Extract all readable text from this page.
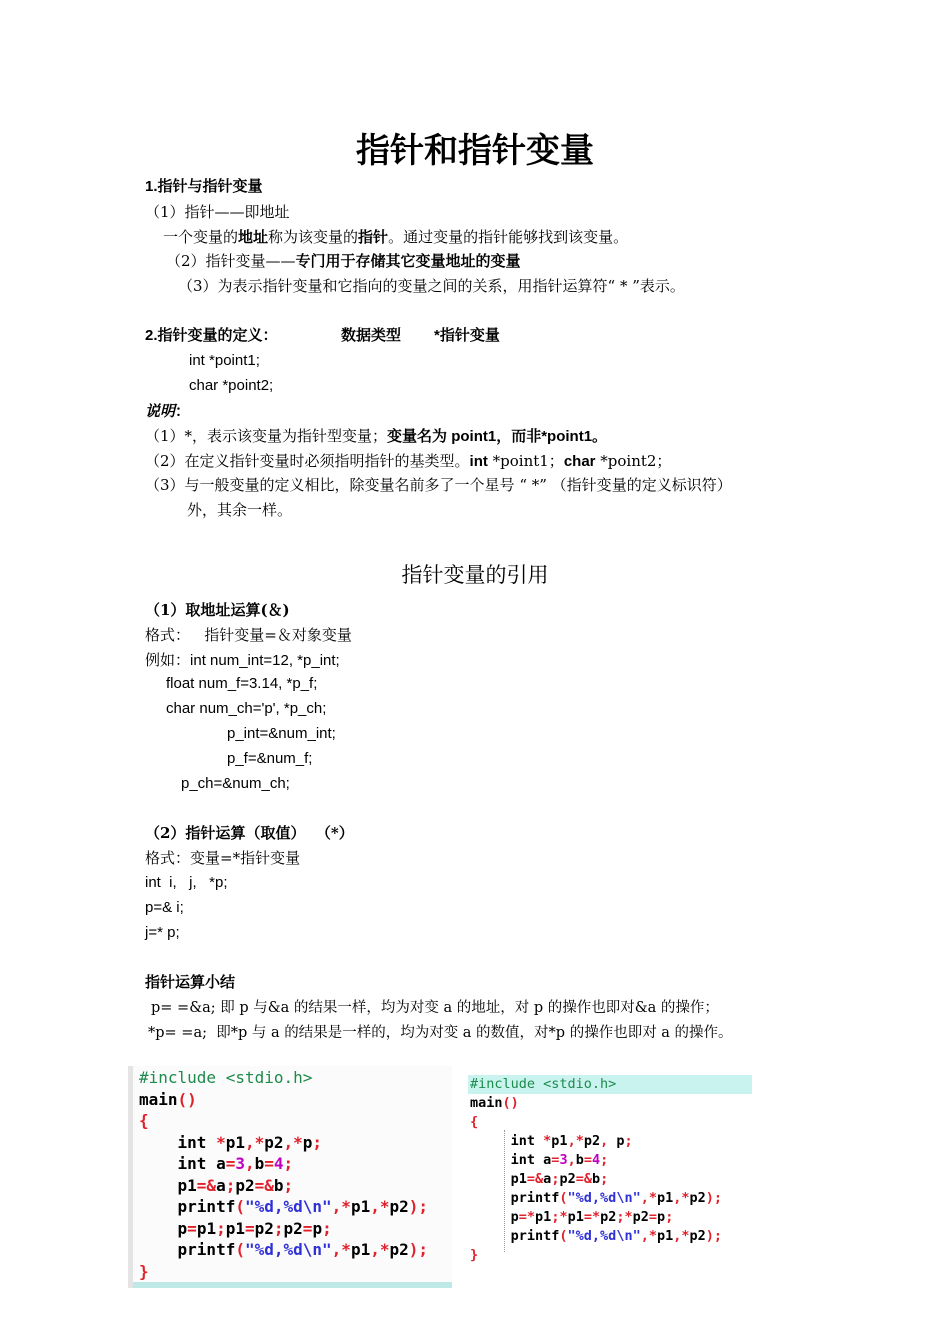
指针和指针变量
1.指针与指针变量
（1）指针——即地址
一个变量的地址称为该变量的指针。通过变量的指针能够找到该变量。
（2）指针变量——专门用于存储其它变量地址的变量
（3）为表示指针变量和它指向的变量之间的关系，用指针运算符“ * ”表示。
2.指针变量的定义：	数据类型 *指针变量
int *point1;
char *point2;
说明：
（1）*，表示该变量为指针型变量；变量名为 point1，而非*point1。
（2）在定义指针变量时必须指明指针的基类型。int *point1；char *point2；
（3）与一般变量的定义相比，除变量名前多了一个星号 “ *” （指针变量的定义标识符）
外，其余一样。
指针变量的引用
（1）取地址运算(＆)
格式：   指针变量=＆对象变量
例如：int num_int=12, *p_int;
float num_f=3.14, *p_f;
char num_ch='p', *p_ch;
p_int=&num_int;
p_f=&num_f;
p_ch=&num_ch;
（2）指针运算（取值）  （*）
格式：变量=*指针变量
int  i,   j,   *p;
p=& i;
j=* p;
指针运算小结
p= =&a; 即 p 与&a 的结果一样，均为对变 a 的地址，对 p 的操作也即对&a 的操作；
*p= =a;  即*p 与 a 的结果是一样的，均为对变 a 的数值，对*p 的操作也即对 a 的操作。
#include <stdio.h>
main()
{
int *p1,*p2,*p;
int a=3,b=4;
p1=&a;p2=&b;
printf("%d,%d\n",*p1,*p2);
p=p1;p1=p2;p2=p;
printf("%d,%d\n",*p1,*p2);
}
#include <stdio.h>
main()
{
int *p1,*p2, p;
int a=3,b=4;
p1=&a;p2=&b;
printf("%d,%d\n",*p1,*p2);
p=*p1;*p1=*p2;*p2=p;
printf("%d,%d\n",*p1,*p2);
}
